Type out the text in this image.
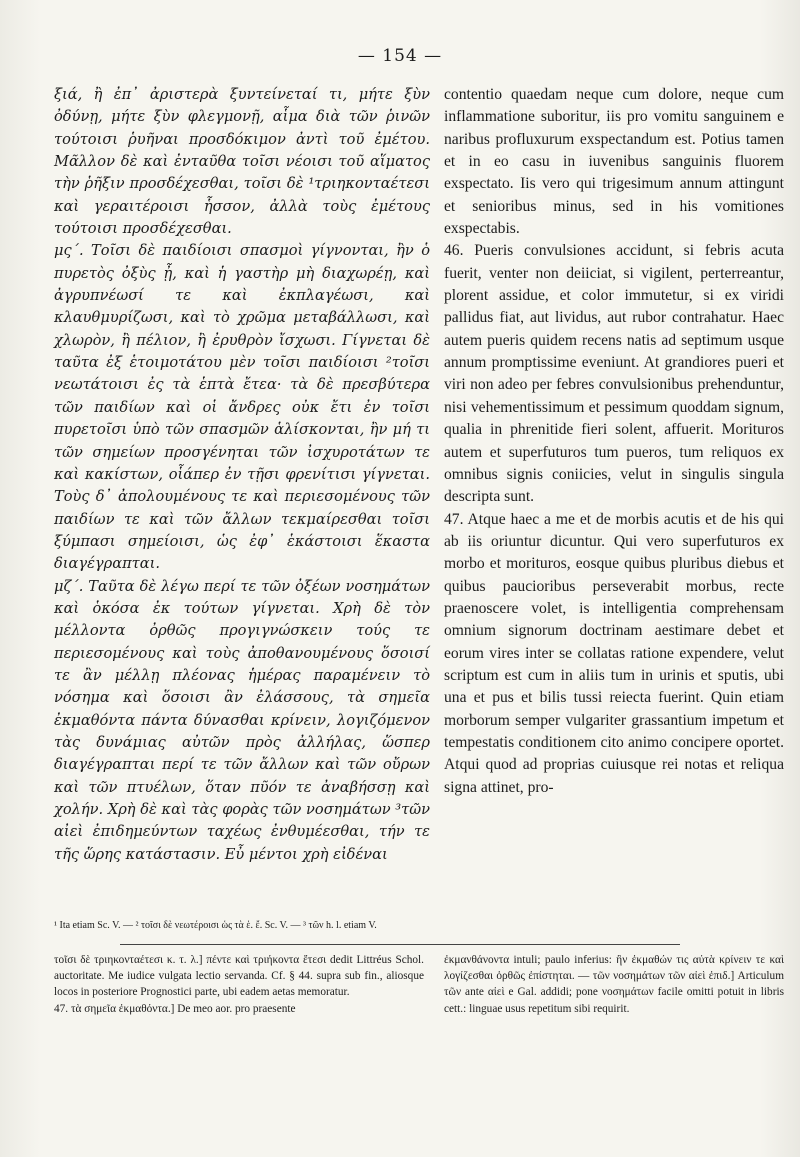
— 154 —

ξιά, ἢ ἐπ᾽ ἀριστερὰ ξυντείνεταί τι, μήτε ξὺν ὀδύνῃ, μήτε ξὺν φλεγμονῇ, αἷμα διὰ τῶν ῥινῶν τούτοισι ῥυῆναι προσδόκιμον ἀντὶ τοῦ ἐμέτου. Μᾶλλον δὲ καὶ ἐνταῦθα τοῖσι νέοισι τοῦ αἵματος τὴν ῥῆξιν προσδέχεσθαι, τοῖσι δὲ ¹τριηκονταέτεσι καὶ γεραιτέροισι ἧσσον, ἀλλὰ τοὺς ἐμέτους τούτοισι προσδέχεσθαι.

μς΄. Τοῖσι δὲ παιδίοισι σπασμοὶ γίγνονται, ἢν ὁ πυρετὸς ὀξὺς ᾖ, καὶ ἡ γαστὴρ μὴ διαχωρέῃ, καὶ ἀγρυπνέωσί τε καὶ ἐκπλαγέωσι, καὶ κλαυθμυρίζωσι, καὶ τὸ χρῶμα μεταβάλλωσι, καὶ χλωρὸν, ἢ πέλιον, ἢ ἐρυθρὸν ἴσχωσι. Γίγνεται δὲ ταῦτα ἐξ ἑτοιμοτάτου μὲν τοῖσι παιδίοισι ²τοῖσι νεωτάτοισι ἐς τὰ ἑπτὰ ἔτεα· τὰ δὲ πρεσβύτερα τῶν παιδίων καὶ οἱ ἄνδρες οὐκ ἔτι ἐν τοῖσι πυρετοῖσι ὑπὸ τῶν σπασμῶν ἁλίσκονται, ἢν μή τι τῶν σημείων προσγένηται τῶν ἰσχυροτάτων τε καὶ κακίστων, οἷάπερ ἐν τῇσι φρενίτισι γίγνεται. Τοὺς δ᾽ ἀπολουμένους τε καὶ περιεσομένους τῶν παιδίων τε καὶ τῶν ἄλλων τεκμαίρεσθαι τοῖσι ξύμπασι σημείοισι, ὡς ἐφ᾽ ἑκάστοισι ἕκαστα διαγέγραπται.

μζ΄. Ταῦτα δὲ λέγω περί τε τῶν ὀξέων νοσημάτων καὶ ὁκόσα ἐκ τούτων γίγνεται. Χρὴ δὲ τὸν μέλλοντα ὀρθῶς προγιγνώσκειν τούς τε περιεσομένους καὶ τοὺς ἀποθανουμένους ὅσοισί τε ἂν μέλλῃ πλέονας ἡμέρας παραμένειν τὸ νόσημα καὶ ὅσοισι ἂν ἐλάσσους, τὰ σημεῖα ἐκμαθόντα πάντα δύνασθαι κρίνειν, λογιζόμενον τὰς δυνάμιας αὐτῶν πρὸς ἀλλήλας, ὥσπερ διαγέγραπται περί τε τῶν ἄλλων καὶ τῶν οὔρων καὶ τῶν πτυέλων, ὅταν πῦόν τε ἀναβήσσῃ καὶ χολήν. Χρὴ δὲ καὶ τὰς φορὰς τῶν νοσημάτων ³τῶν αἰεὶ ἐπιδημεύντων ταχέως ἐνθυμέεσθαι, τήν τε τῆς ὥρης κατάστασιν. Εὖ μέντοι χρὴ εἰδέναι

contentio quaedam neque cum dolore, neque cum inflammatione suboritur, iis pro vomitu sanguinem e naribus profluxurum exspectandum est. Potius tamen et in eo casu in iuvenibus sanguinis fluorem exspectato. Iis vero qui trigesimum annum attingunt et senioribus minus, sed in his vomitiones exspectabis.

46. Pueris convulsiones accidunt, si febris acuta fuerit, venter non deiiciat, si vigilent, perterreantur, plorent assidue, et color immutetur, si ex viridi pallidus fiat, aut lividus, aut rubor contrahatur. Haec autem pueris quidem recens natis ad septimum usque annum promptissime eveniunt. At grandiores pueri et viri non adeo per febres convulsionibus prehenduntur, nisi vehementissimum et pessimum quoddam signum, qualia in phrenitide fieri solent, affuerit. Morituros autem et superfuturos tum pueros, tum reliquos ex omnibus signis coniicies, velut in singulis singula descripta sunt.

47. Atque haec a me et de morbis acutis et de his qui ab iis oriuntur dicuntur. Qui vero superfuturos ex morbo et morituros, eosque quibus pluribus diebus et quibus paucioribus perseverabit morbus, recte praenoscere volet, is intelligentia comprehensam omnium signorum doctrinam aestimare debet et eorum vires inter se collatas ratione expendere, velut scriptum est cum in aliis tum in urinis et sputis, ubi una et pus et bilis tussi reiecta fuerint. Quin etiam morborum semper vulgariter grassantium impetum et tempestatis conditionem cito animo concipere oportet. Atqui quod ad proprias cuiusque rei notas et reliqua signa attinet, pro-

¹ Ita etiam Sc. V. — ² τοῖσι δὲ νεωτέροισι ὡς τὰ ἑ. ἔ. Sc. V. — ³ τῶν h. l. etiam V.

τοῖσι δὲ τριηκονταέτεσι κ. τ. λ.] πέντε καὶ τριήκοντα ἔτεσι dedit Littréus Schol. auctoritate. Me iudice vulgata lectio servanda. Cf. § 44. supra sub fin., aliosque locos in posteriore Prognostici parte, ubi eadem aetas memoratur.

47. τὰ σημεῖα ἐκμαθόντα.] De meo aor. pro praesente

ἐκμανθάνοντα intuli; paulo inferius: ἢν ἐκμαθών τις αὐτὰ κρίνειν τε καὶ λογίζεσθαι ὀρθῶς ἐπίστηται. — τῶν νοσημάτων τῶν αἰεὶ ἐπιδ.] Articulum τῶν ante αἰεὶ e Gal. addidi; pone νοσημάτων facile omitti potuit in libris cett.: linguae usus repetitum sibi requirit.
